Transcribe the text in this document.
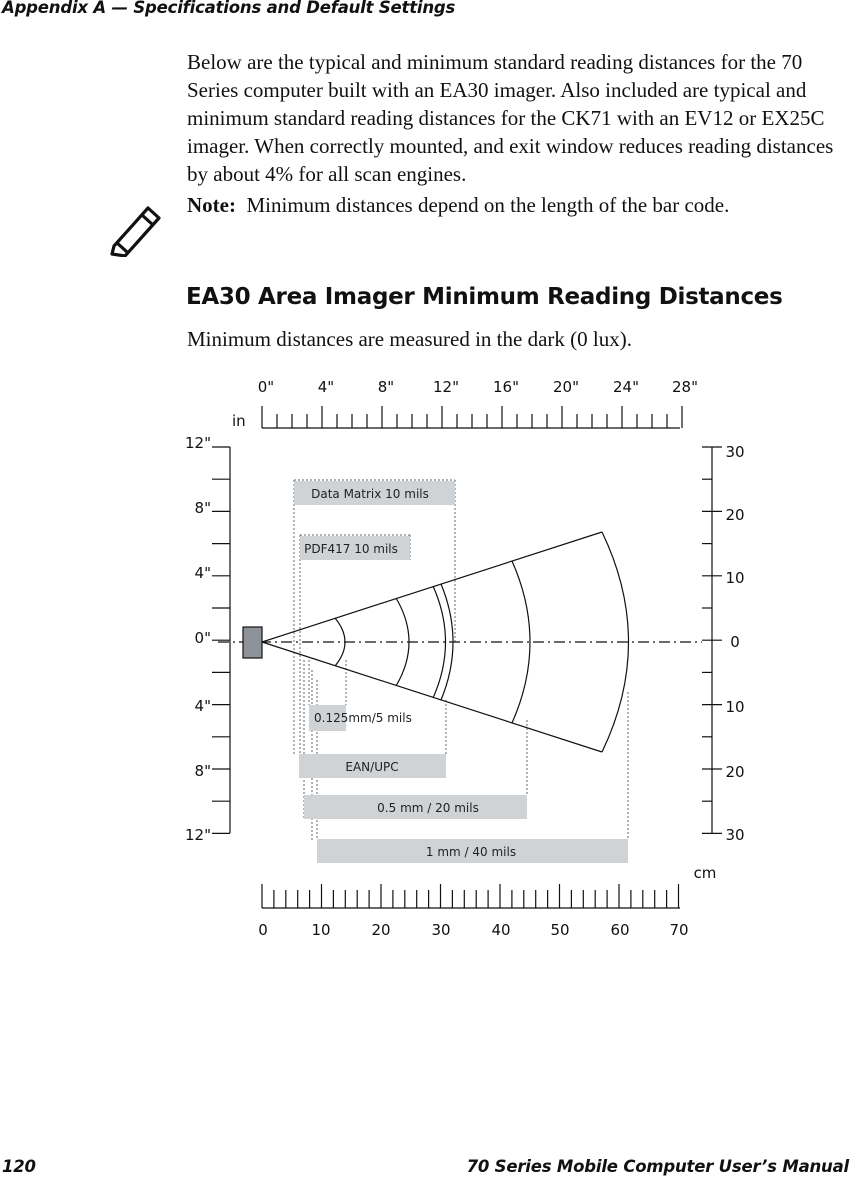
Appendix A — Specifications and Default Settings
Below are the typical and minimum standard reading distances for the 70 Series computer built with an EA30 imager. Also included are typical and minimum standard reading distances for the CK71 with an EV12 or EX25C imager. When correctly mounted, and exit window reduces reading distances by about 4% for all scan engines.
Note: Minimum distances depend on the length of the bar code.
EA30 Area Imager Minimum Reading Distances
Minimum distances are measured in the dark (0 lux).
0"	4"	8"	12" 16" 20" 24" 28"
in
12"
8"
4"
0"
4"
8"
12"
30
20
10
0
10
20
30
cm
0	10	20	30	40	50	60	70
Data Matrix 10 mils
PDF417 10 mils
0.125mm/5 mils
EAN/UPC
0.5 mm / 20 mils
1 mm / 40 mils
120	70 Series Mobile Computer User’s Manual
